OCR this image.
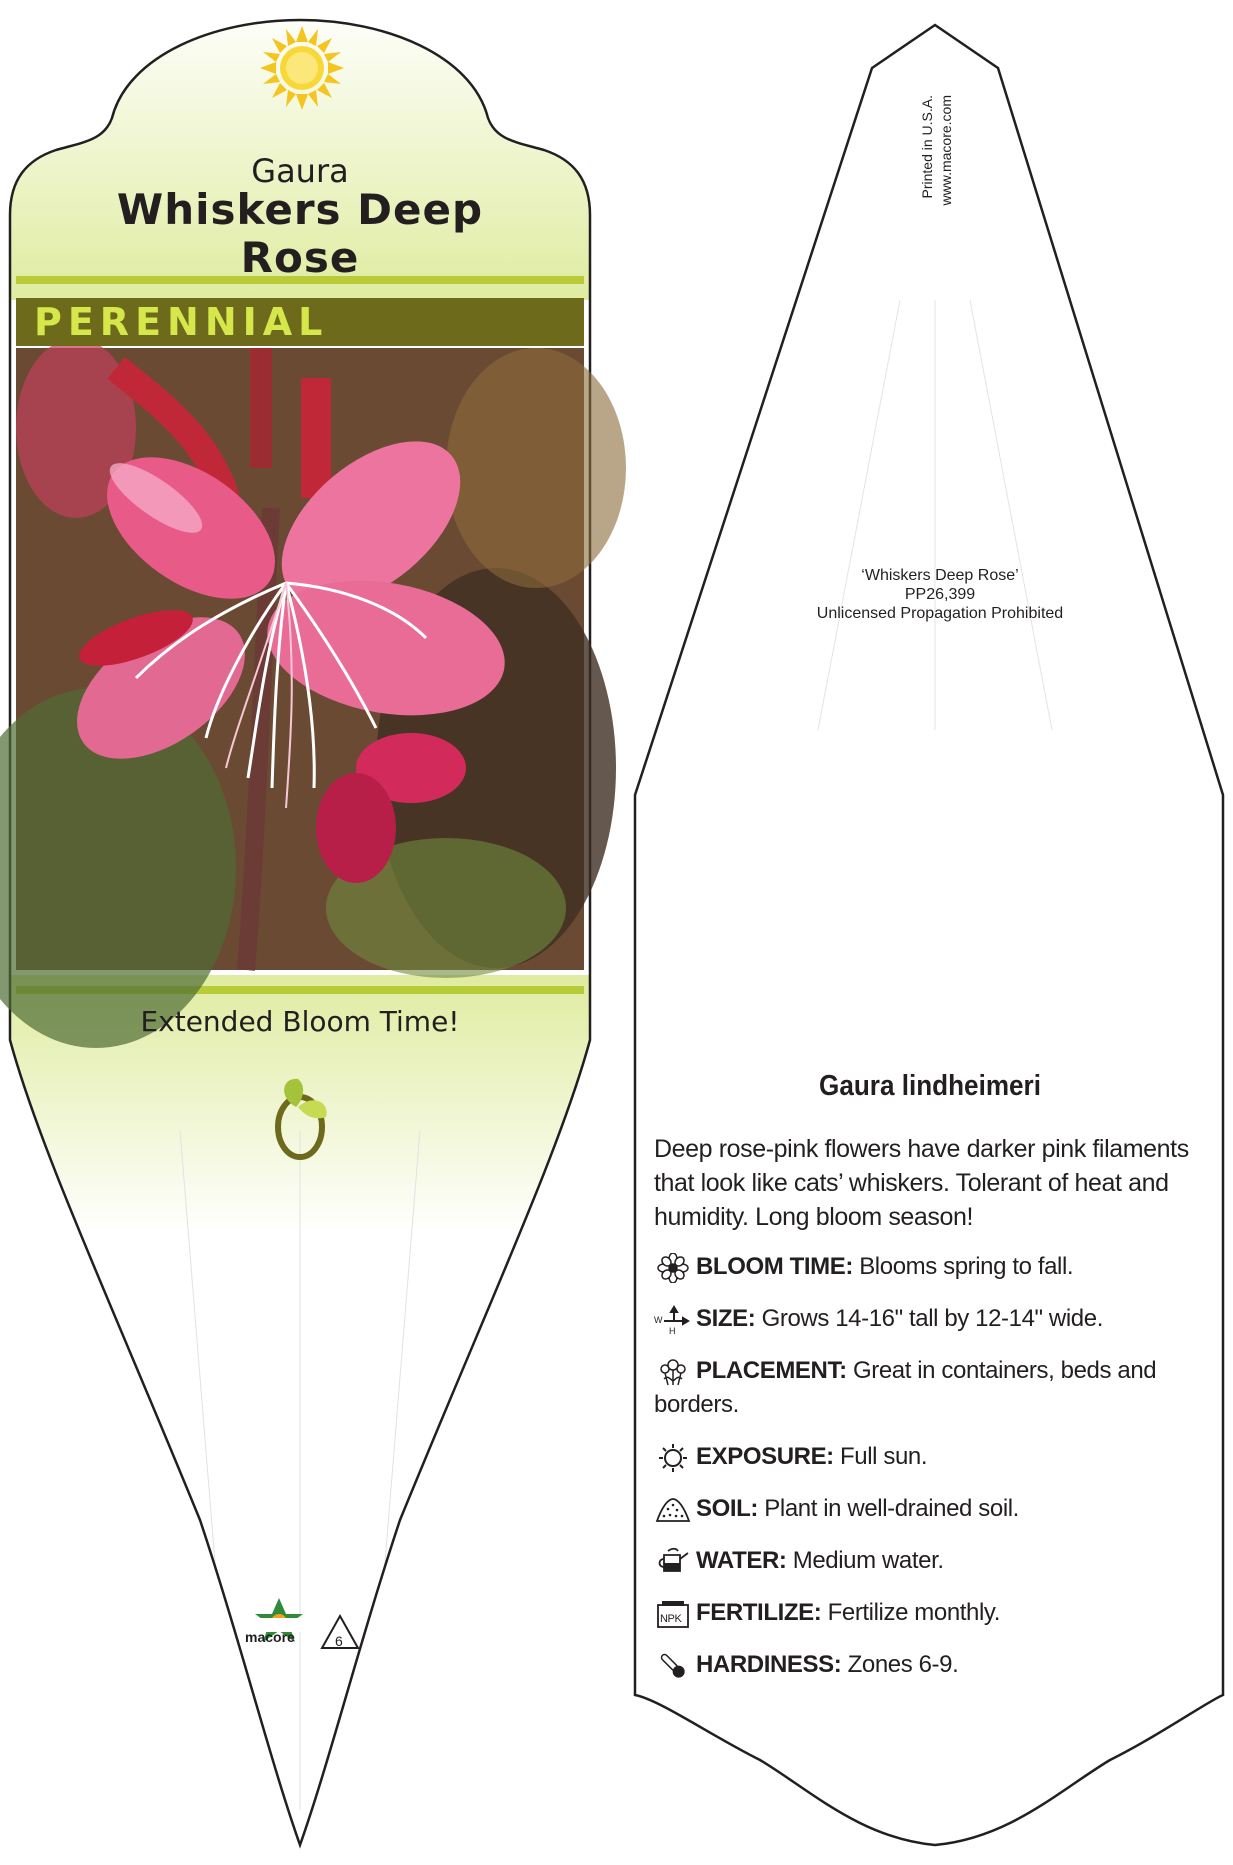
macore	6
Gaura
Whiskers Deep
Rose
PERENNIAL
Extended Bloom Time!
Printed in U.S.A. www.macore.com
‘Whiskers Deep Rose’
PP26,399
Unlicensed Propagation Prohibited
Gaura lindheimeri
Deep rose-pink flowers have darker pink filaments that look like cats’ whiskers. Tolerant of heat and humidity. Long bloom season!
BLOOM TIME: Blooms spring to fall.
W
H SIZE: Grows 14-16" tall by 12-14" wide.
PLACEMENT: Great in containers, beds and borders.
EXPOSURE: Full sun.
SOIL: Plant in well-drained soil.
WATER: Medium water.
NPK FERTILIZE: Fertilize monthly.
HARDINESS: Zones 6-9.
